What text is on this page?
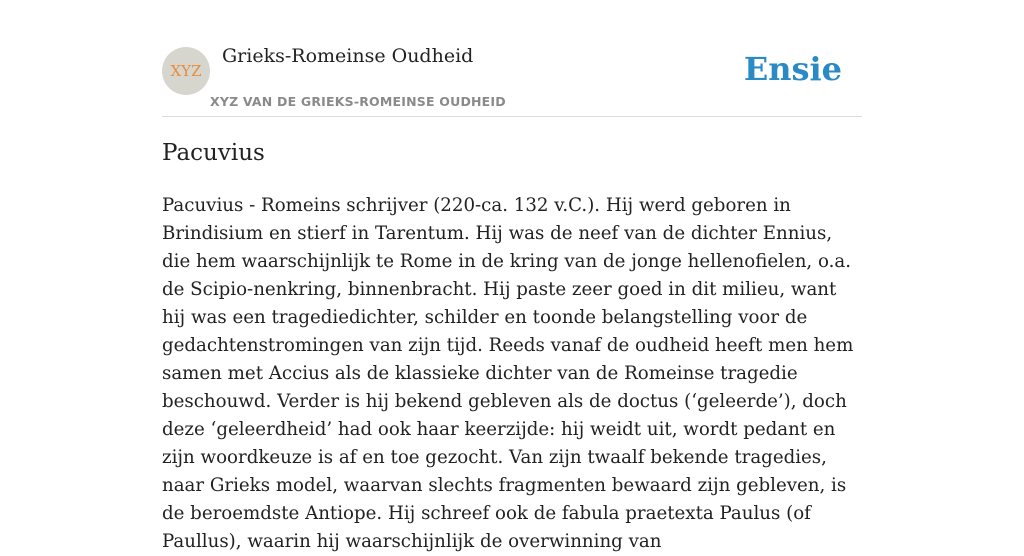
XYZ
Grieks-Romeinse Oudheid
XYZ VAN DE GRIEKS-ROMEINSE OUDHEID
Ensie
Pacuvius

Pacuvius - Romeins schrijver (220-ca. 132 v.C.). Hij werd geboren in Brindisium en stierf in Tarentum. Hij was de neef van de dichter Ennius, die hem waarschijnlijk te Rome in de kring van de jonge hellenofielen, o.a. de Scipio-nenkring, binnenbracht. Hij paste zeer goed in dit milieu, want hij was een tragediedichter, schilder en toonde belangstelling voor de gedachtenstromingen van zijn tijd. Reeds vanaf de oudheid heeft men hem samen met Accius als de klassieke dichter van de Romeinse tragedie beschouwd. Verder is hij bekend gebleven als de doctus (‘geleerde’), doch deze ‘geleerdheid’ had ook haar keerzijde: hij weidt uit, wordt pedant en zijn woordkeuze is af en toe gezocht. Van zijn twaalf bekende tragedies, naar Grieks model, waarvan slechts fragmenten bewaard zijn gebleven, is de beroemdste Antiope. Hij schreef ook de fabula praetexta Paulus (of Paullus), waarin hij waarschijnlijk de overwinning van
